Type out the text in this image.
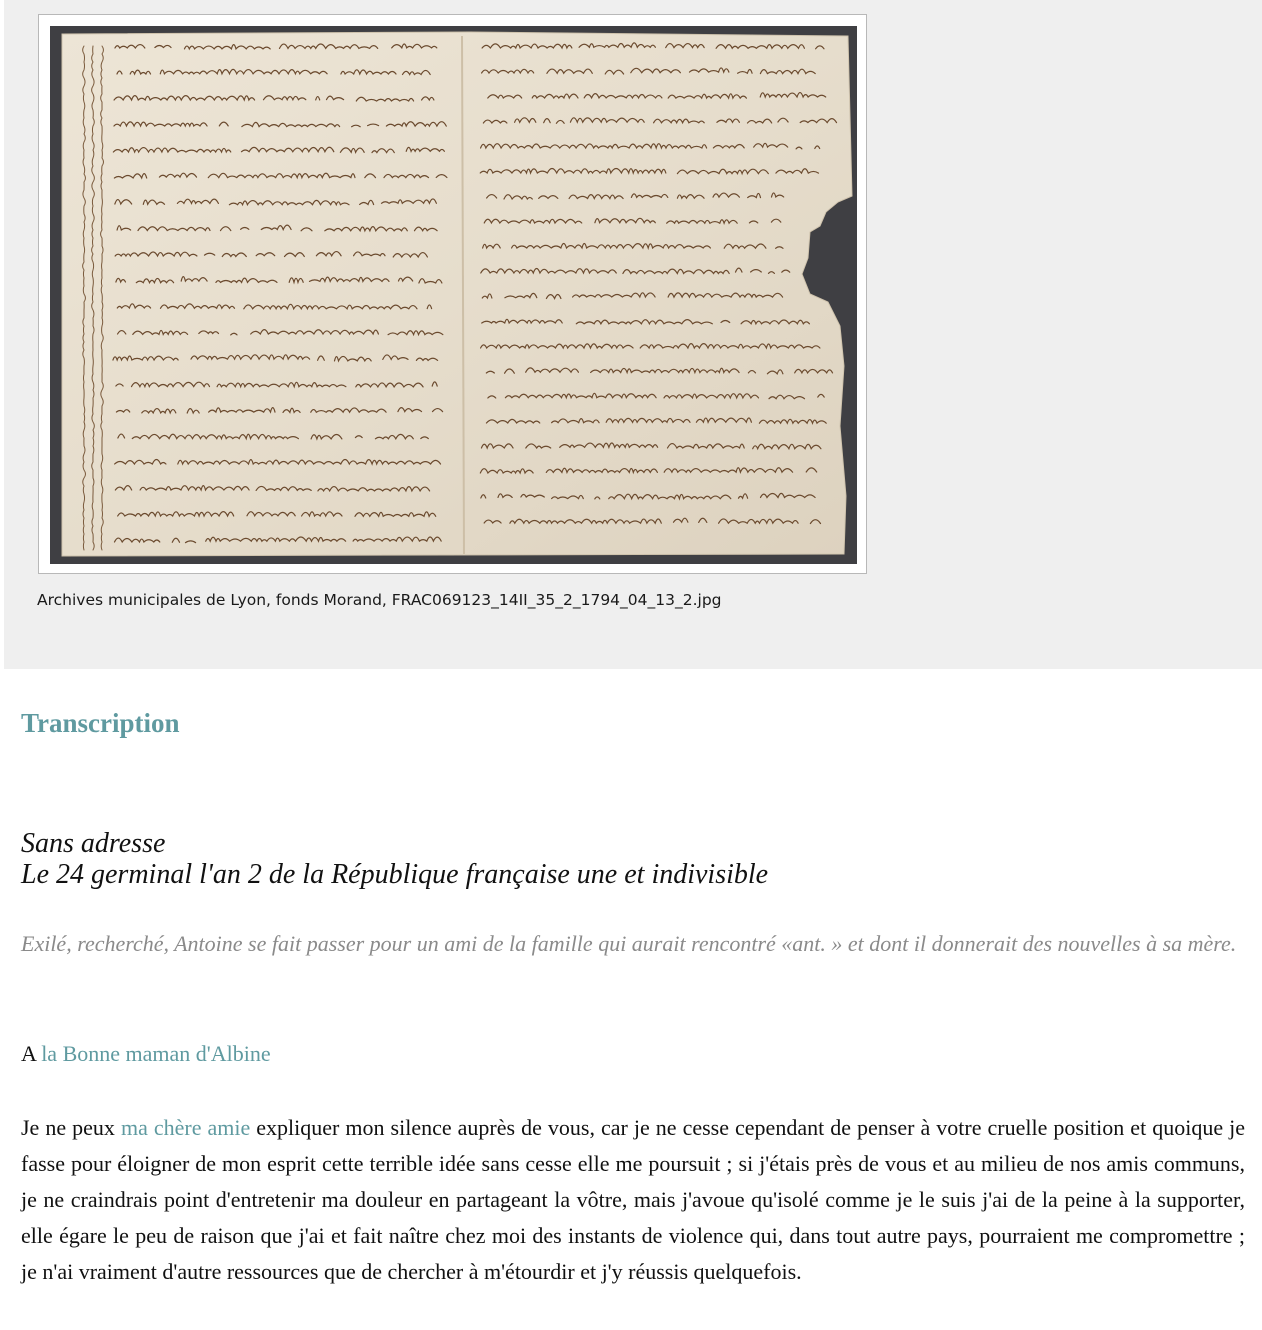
Archives municipales de Lyon, fonds Morand, FRAC069123_14II_35_2_1794_04_13_2.jpg
Transcription
Sans adresse
Le 24 germinal l'an 2 de la République française une et indivisible

Exilé, recherché, Antoine se fait passer pour un ami de la famille qui aurait rencontré «ant. » et dont il donnerait des nouvelles à sa mère.

A la Bonne maman d'Albine

Je ne peux ma chère amie expliquer mon silence auprès de vous, car je ne cesse cependant de penser à votre cruelle position et quoique je fasse pour éloigner de mon esprit cette terrible idée sans cesse elle me poursuit ; si j'étais près de vous et au milieu de nos amis communs, je ne craindrais point d'entretenir ma douleur en partageant la vôtre, mais j'avoue qu'isolé comme je le suis j'ai de la peine à la supporter, elle égare le peu de raison que j'ai et fait naître chez moi des instants de violence qui, dans tout autre pays, pourraient me compromettre ; je n'ai vraiment d'autre ressources que de chercher à m'étourdir et j'y réussis quelquefois.
